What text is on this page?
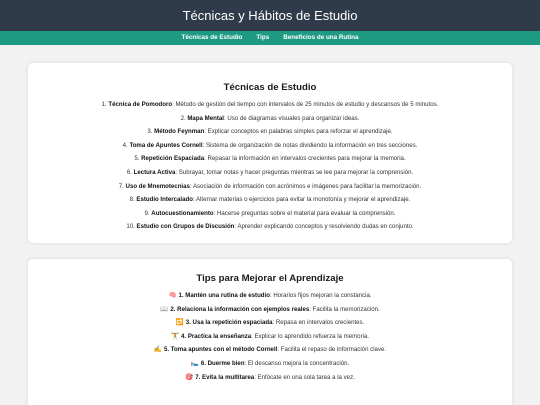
Técnicas y Hábitos de Estudio
Técnicas de Estudio Tips Beneficios de una Rutina
Técnicas de Estudio
1. Técnica de Pomodoro: Método de gestión del tiempo con intervalos de 25 minutos de estudio y descansos de 5 minutos.
2. Mapa Mental: Uso de diagramas visuales para organizar ideas.
3. Método Feynman: Explicar conceptos en palabras simples para reforzar el aprendizaje.
4. Toma de Apuntes Cornell: Sistema de organización de notas dividiendo la información en tres secciones.
5. Repetición Espaciada: Repasar la información en intervalos crecientes para mejorar la memoria.
6. Lectura Activa: Subrayar, tomar notas y hacer preguntas mientras se lee para mejorar la comprensión.
7. Uso de Mnemotecnias: Asociación de información con acrónimos e imágenes para facilitar la memorización.
8. Estudio Intercalado: Alternar materias o ejercicios para evitar la monotonía y mejorar el aprendizaje.
9. Autocuestionamiento: Hacerse preguntas sobre el material para evaluar la comprensión.
10. Estudio con Grupos de Discusión: Aprender explicando conceptos y resolviendo dudas en conjunto.
Tips para Mejorar el Aprendizaje
🧠 1. Mantén una rutina de estudio: Horarios fijos mejoran la constancia.
📖 2. Relaciona la información con ejemplos reales: Facilita la memorización.
🔁 3. Usa la repetición espaciada: Repasa en intervalos crecientes.
🏋 4. Practica la enseñanza: Explicar lo aprendido refuerza la memoria.
✍️ 5. Toma apuntes con el método Cornell: Facilita el repaso de información clave.
🛌 6. Duerme bien: El descanso mejora la concentración.
🎯 7. Evita la multitarea: Enfócate en una sola tarea a la vez.
